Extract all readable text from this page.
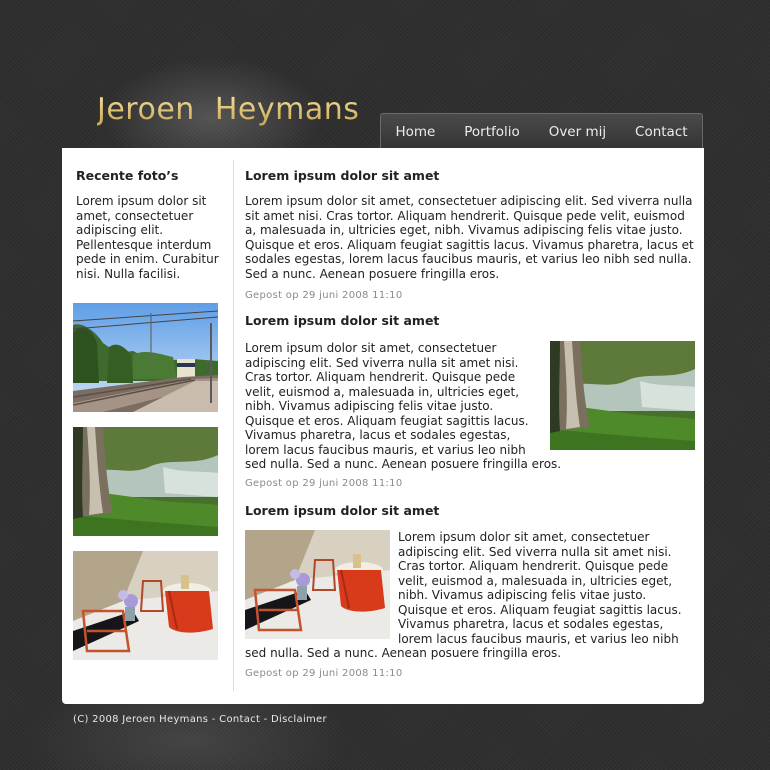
Jeroen Heymans
Home Portfolio Over mij Contact
Recente foto’s

Lorem ipsum dolor sit amet, consectetuer adipiscing elit. Pellentesque interdum pede in enim. Curabitur nisi. Nulla facilisi.

Lorem ipsum dolor sit amet

Lorem ipsum dolor sit amet, consectetuer adipiscing elit. Sed viverra nulla sit amet nisi. Cras tortor. Aliquam hendrerit. Quisque pede velit, euismod a, malesuada in, ultricies eget, nibh. Vivamus adipiscing felis vitae justo. Quisque et eros. Aliquam feugiat sagittis lacus. Vivamus pharetra, lacus et sodales egestas, lorem lacus faucibus mauris, et varius leo nibh sed nulla. Sed a nunc. Aenean posuere fringilla eros.

Gepost op 29 juni 2008 11:10
Lorem ipsum dolor sit amet
Lorem ipsum dolor sit amet, consectetuer adipiscing elit. Sed viverra nulla sit amet nisi. Cras tortor. Aliquam hendrerit. Quisque pede velit, euismod a, malesuada in, ultricies eget, nibh. Vivamus adipiscing felis vitae justo. Quisque et eros. Aliquam feugiat sagittis lacus. Vivamus pharetra, lacus et sodales egestas, lorem lacus faucibus mauris, et varius leo nibh sed nulla. Sed a nunc. Aenean posuere fringilla eros.
Gepost op 29 juni 2008 11:10
Lorem ipsum dolor sit amet
Lorem ipsum dolor sit amet, consectetuer adipiscing elit. Sed viverra nulla sit amet nisi. Cras tortor. Aliquam hendrerit. Quisque pede velit, euismod a, malesuada in, ultricies eget, nibh. Vivamus adipiscing felis vitae justo. Quisque et eros. Aliquam feugiat sagittis lacus. Vivamus pharetra, lacus et sodales egestas, lorem lacus faucibus mauris, et varius leo nibh sed nulla. Sed a nunc. Aenean posuere fringilla eros.
Gepost op 29 juni 2008 11:10
(C) 2008 Jeroen Heymans - Contact - Disclaimer
